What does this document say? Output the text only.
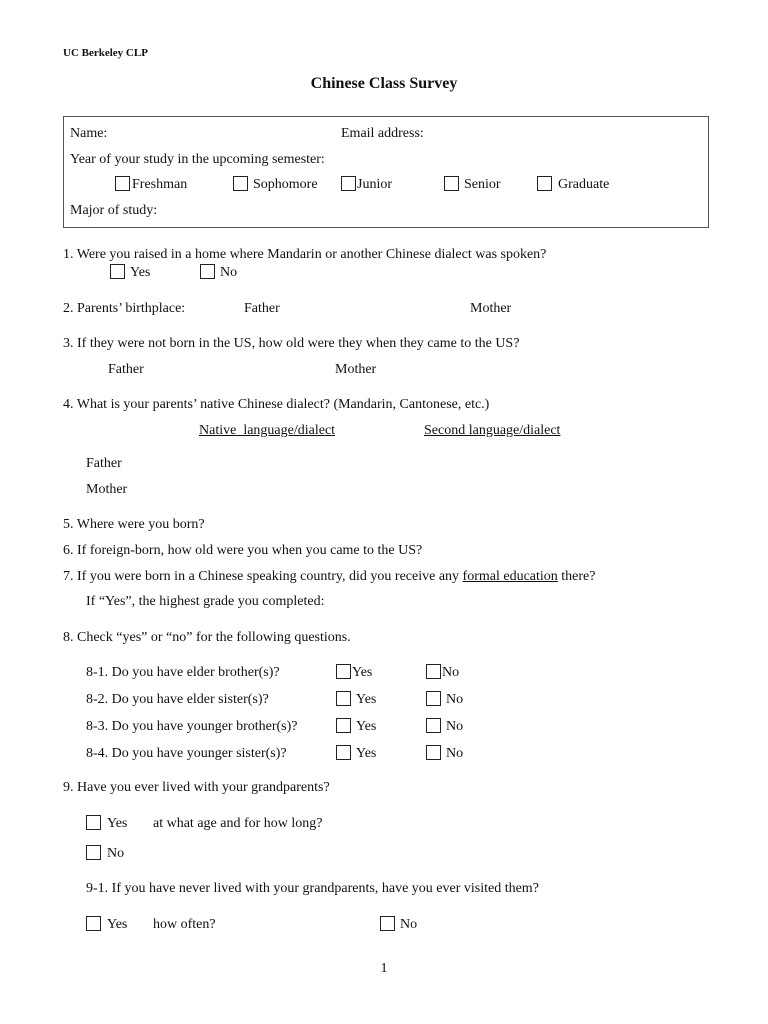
UC Berkeley CLP
Chinese Class Survey
Name:	Email address:
Year of your study in the upcoming semester:
Freshman	Sophomore	Junior	Senior	Graduate
Major of study:
1. Were you raised in a home where Mandarin or another Chinese dialect was spoken?
Yes	No
2. Parents’ birthplace:	Father	Mother
3. If they were not born in the US, how old were they when they came to the US?
Father	Mother
4. What is your parents’ native Chinese dialect? (Mandarin, Cantonese, etc.)
Native  language/dialect	Second language/dialect
Father
Mother
5. Where were you born?
6. If foreign-born, how old were you when you came to the US?
7. If you were born in a Chinese speaking country, did you receive any formal education there?
If “Yes”, the highest grade you completed:
8. Check “yes” or “no” for the following questions.
8-1. Do you have elder brother(s)?	Yes	No
8-2. Do you have elder sister(s)?	Yes	No
8-3. Do you have younger brother(s)?	Yes	No
8-4. Do you have younger sister(s)?	Yes	No
9. Have you ever lived with your grandparents?
Yes at what age and for how long?
No
9-1. If you have never lived with your grandparents, have you ever visited them?
Yes how often?	No
1
